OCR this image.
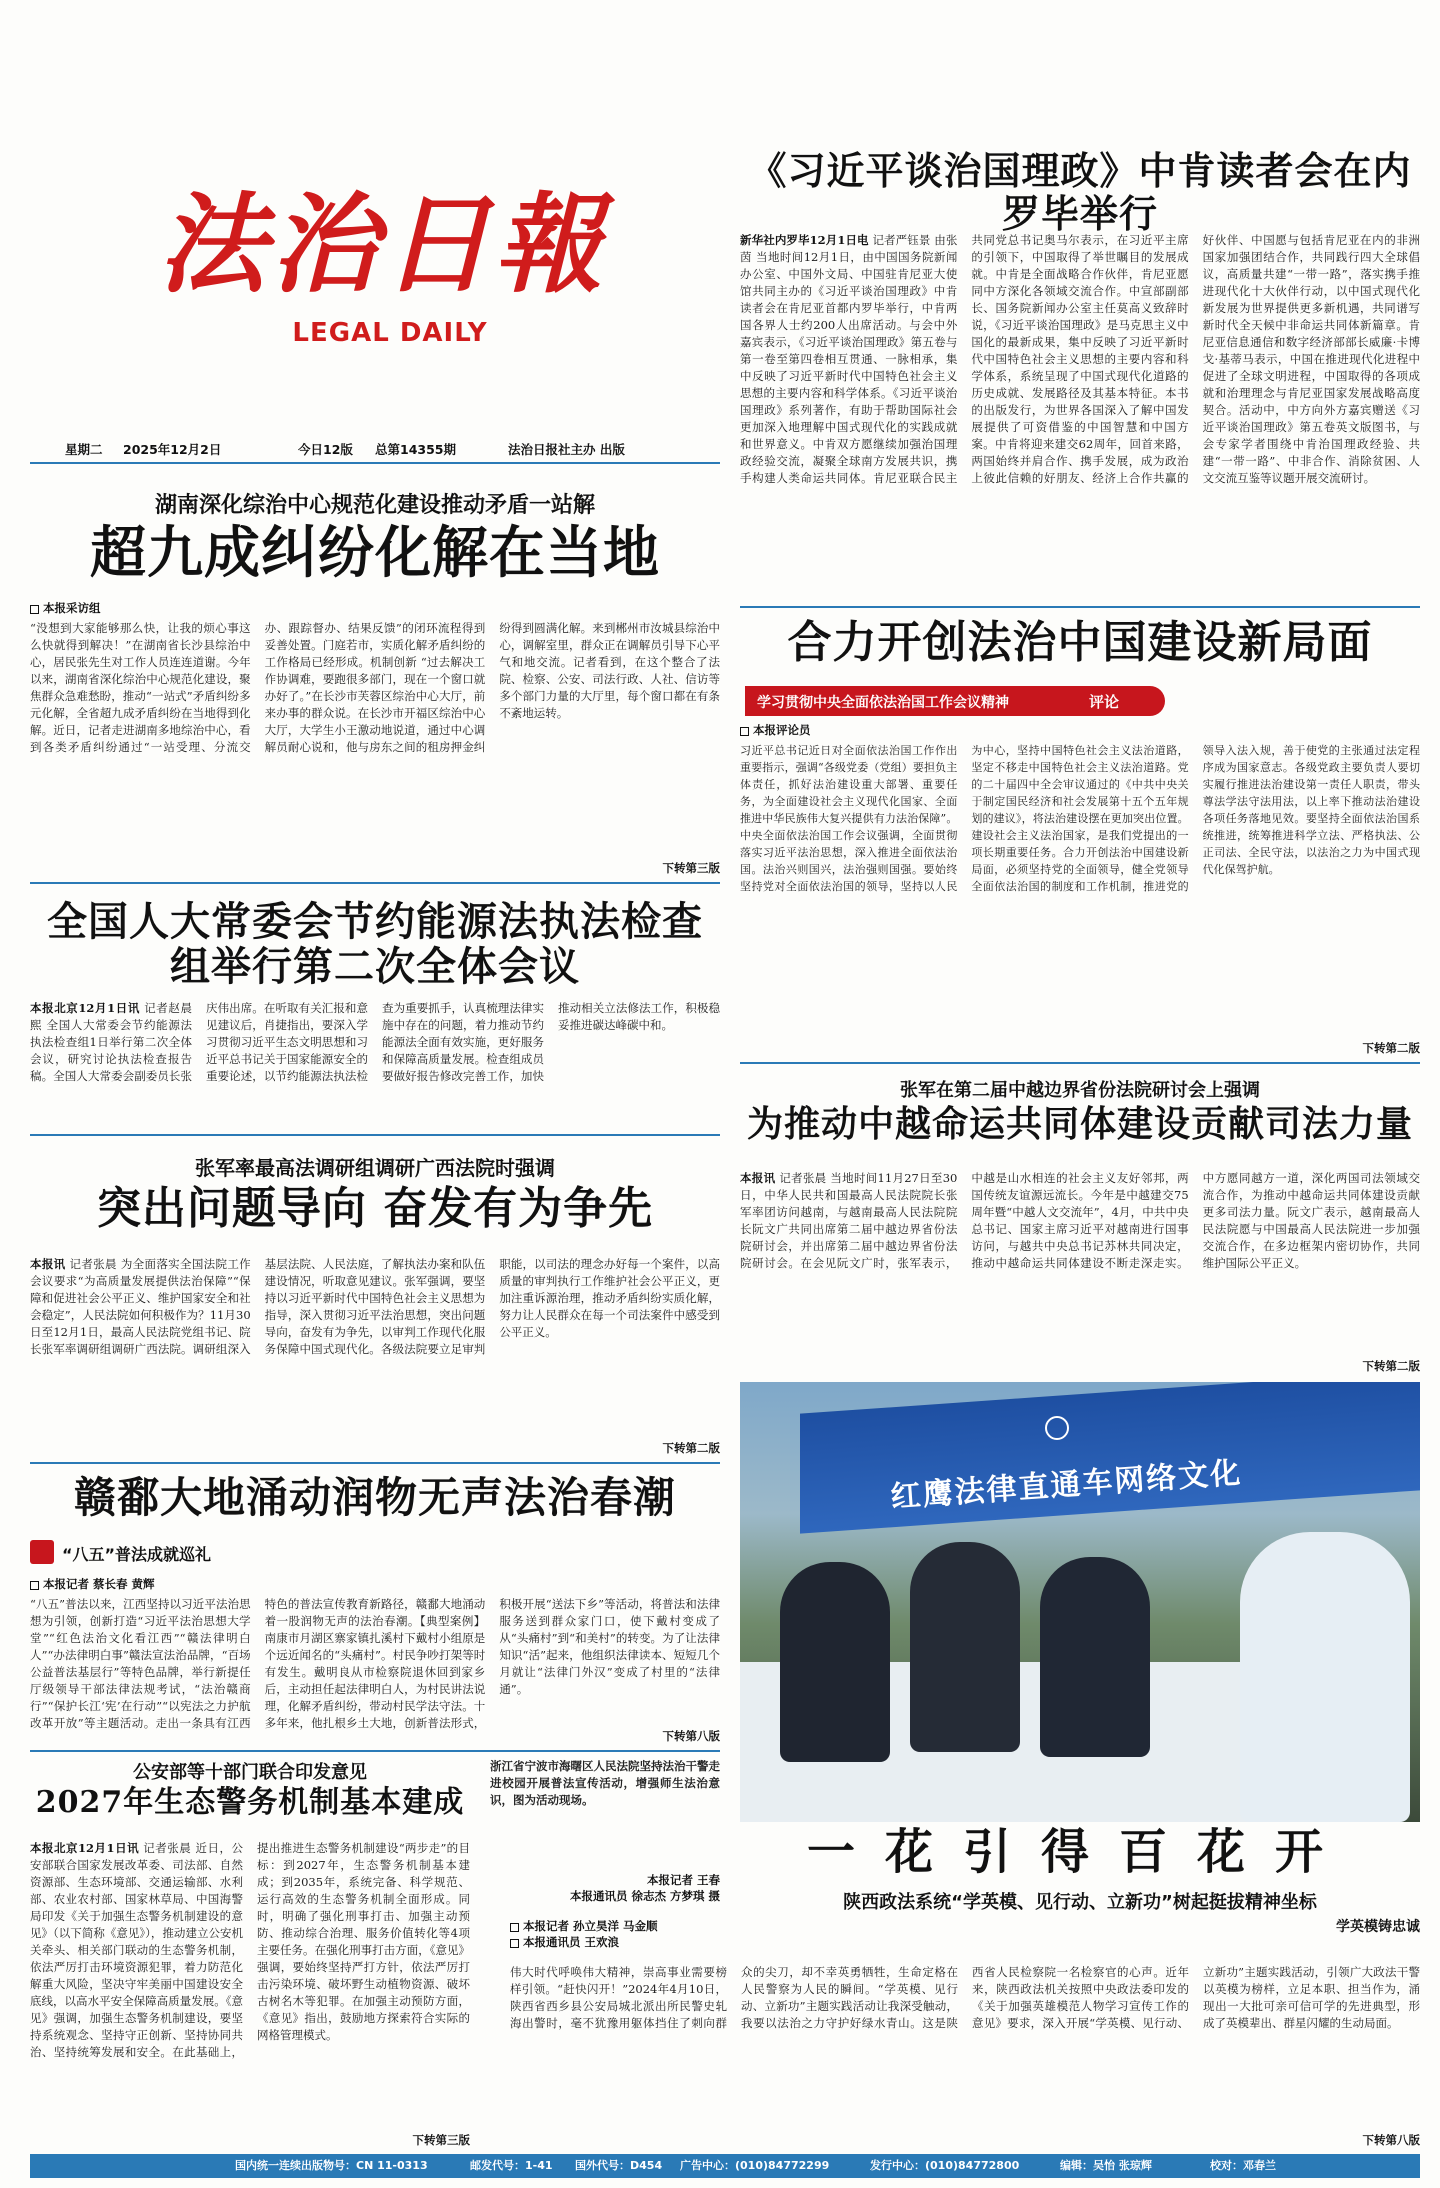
法治日報
LEGAL DAILY
星期二 2025年12月2日	今日12版 总第14355期	法治日报社主办 出版
《习近平谈治国理政》中肯读者会在内罗毕举行
新华社内罗毕12月1日电 记者严钰景 由张茵 当地时间12月1日，由中国国务院新闻办公室、中国外文局、中国驻肯尼亚大使馆共同主办的《习近平谈治国理政》中肯读者会在肯尼亚首都内罗毕举行，中肯两国各界人士约200人出席活动。与会中外嘉宾表示，《习近平谈治国理政》第五卷与第一卷至第四卷相互贯通、一脉相承，集中反映了习近平新时代中国特色社会主义思想的主要内容和科学体系。《习近平谈治国理政》系列著作，有助于帮助国际社会更加深入地理解中国式现代化的实践成就和世界意义。中肯双方愿继续加强治国理政经验交流，凝聚全球南方发展共识，携手构建人类命运共同体。肯尼亚联合民主共同党总书记奥马尔表示，在习近平主席的引领下，中国取得了举世瞩目的发展成就。中肯是全面战略合作伙伴，肯尼亚愿同中方深化各领域交流合作。中宣部副部长、国务院新闻办公室主任莫高义致辞时说，《习近平谈治国理政》是马克思主义中国化的最新成果，集中反映了习近平新时代中国特色社会主义思想的主要内容和科学体系，系统呈现了中国式现代化道路的历史成就、发展路径及其基本特征。本书的出版发行，为世界各国深入了解中国发展提供了可资借鉴的中国智慧和中国方案。中肯将迎来建交62周年，回首来路，两国始终并肩合作、携手发展，成为政治上彼此信赖的好朋友、经济上合作共赢的好伙伴、中国愿与包括肯尼亚在内的非洲国家加强团结合作，共同践行四大全球倡议，高质量共建“一带一路”，落实携手推进现代化十大伙伴行动，以中国式现代化新发展为世界提供更多新机遇，共同谱写新时代全天候中非命运共同体新篇章。肯尼亚信息通信和数字经济部部长威廉·卡博戈·基蒂马表示，中国在推进现代化进程中促进了全球文明进程，中国取得的各项成就和治理理念与肯尼亚国家发展战略高度契合。活动中，中方向外方嘉宾赠送《习近平谈治国理政》第五卷英文版图书，与会专家学者围绕中肯治国理政经验、共建“一带一路”、中非合作、消除贫困、人文交流互鉴等议题开展交流研讨。
湖南深化综治中心规范化建设推动矛盾一站解
超九成纠纷化解在当地
本报采访组
“没想到大家能够那么快，让我的烦心事这么快就得到解决！”在湖南省长沙县综治中心，居民张先生对工作人员连连道谢。今年以来，湖南省深化综治中心规范化建设，聚焦群众急难愁盼，推动“一站式”矛盾纠纷多元化解，全省超九成矛盾纠纷在当地得到化解。近日，记者走进湖南多地综治中心，看到各类矛盾纠纷通过“一站受理、分流交办、跟踪督办、结果反馈”的闭环流程得到妥善处置。门庭若市，实质化解矛盾纠纷的工作格局已经形成。机制创新 “过去解决工作协调难，要跑很多部门，现在一个窗口就办好了。”在长沙市芙蓉区综治中心大厅，前来办事的群众说。在长沙市开福区综治中心大厅，大学生小王激动地说道，通过中心调解员耐心说和，他与房东之间的租房押金纠纷得到圆满化解。来到郴州市汝城县综治中心，调解室里，群众正在调解员引导下心平气和地交流。记者看到，在这个整合了法院、检察、公安、司法行政、人社、信访等多个部门力量的大厅里，每个窗口都在有条不紊地运转。
下转第三版
全国人大常委会节约能源法执法检查组举行第二次全体会议
本报北京12月1日讯 记者赵晨熙 全国人大常委会节约能源法执法检查组1日举行第二次全体会议，研究讨论执法检查报告稿。全国人大常委会副委员长张庆伟出席。在听取有关汇报和意见建议后，肖捷指出，要深入学习贯彻习近平生态文明思想和习近平总书记关于国家能源安全的重要论述，以节约能源法执法检查为重要抓手，认真梳理法律实施中存在的问题，着力推动节约能源法全面有效实施，更好服务和保障高质量发展。检查组成员要做好报告修改完善工作，加快推动相关立法修法工作，积极稳妥推进碳达峰碳中和。
张军率最高法调研组调研广西法院时强调
突出问题导向 奋发有为争先
本报讯 记者张晨 为全面落实全国法院工作会议要求“为高质量发展提供法治保障”“保障和促进社会公平正义、维护国家安全和社会稳定”，人民法院如何积极作为？11月30日至12月1日，最高人民法院党组书记、院长张军率调研组调研广西法院。调研组深入基层法院、人民法庭，了解执法办案和队伍建设情况，听取意见建议。张军强调，要坚持以习近平新时代中国特色社会主义思想为指导，深入贯彻习近平法治思想，突出问题导向，奋发有为争先，以审判工作现代化服务保障中国式现代化。各级法院要立足审判职能，以司法的理念办好每一个案件，以高质量的审判执行工作维护社会公平正义，更加注重诉源治理，推动矛盾纠纷实质化解，努力让人民群众在每一个司法案件中感受到公平正义。
下转第二版
赣鄱大地涌动润物无声法治春潮
“八五”普法成就巡礼
本报记者 蔡长春 黄辉
“八五”普法以来，江西坚持以习近平法治思想为引领，创新打造“习近平法治思想大学堂”“红色法治文化看江西”“赣法律明白人”“办法律明白事”赣法宣法治品牌，“百场公益普法基层行”等特色品牌，举行新提任厅级领导干部法律法规考试，“法治赣商行”“保护长江‘宪’在行动”“以宪法之力护航改革开放”等主题活动。走出一条具有江西特色的普法宣传教育新路径，赣鄱大地涌动着一股润物无声的法治春潮。【典型案例】南康市月湖区寨家镇扎溪村下戴村小组原是个远近闻名的“头痛村”。村民争吵打架等时有发生。戴明良从市检察院退休回到家乡后，主动担任起法律明白人，为村民讲法说理，化解矛盾纠纷，带动村民学法守法。十多年来，他扎根乡土大地，创新普法形式，积极开展“送法下乡”等活动，将普法和法律服务送到群众家门口，使下戴村变成了从“头痛村”到“和美村”的转变。为了让法律知识“活”起来，他组织法律读本、短短几个月就让“法律门外汉”变成了村里的“法律通”。
下转第八版
公安部等十部门联合印发意见
2027年生态警务机制基本建成
本报北京12月1日讯 记者张晨 近日，公安部联合国家发展改革委、司法部、自然资源部、生态环境部、交通运输部、水利部、农业农村部、国家林草局、中国海警局印发《关于加强生态警务机制建设的意见》（以下简称《意见》），推动建立公安机关牵头、相关部门联动的生态警务机制，依法严厉打击环境资源犯罪，着力防范化解重大风险，坚决守牢美丽中国建设安全底线，以高水平安全保障高质量发展。《意见》强调，加强生态警务机制建设，要坚持系统观念、坚持守正创新、坚持协同共治、坚持统筹发展和安全。在此基础上，提出推进生态警务机制建设“两步走”的目标：到2027年，生态警务机制基本建成；到2035年，系统完备、科学规范、运行高效的生态警务机制全面形成。同时，明确了强化刑事打击、加强主动预防、推动综合治理、服务价值转化等4项主要任务。在强化刑事打击方面，《意见》强调，要始终坚持严打方针，依法严厉打击污染环境、破坏野生动植物资源、破坏古树名木等犯罪。在加强主动预防方面，《意见》指出，鼓励地方探索符合实际的网格管理模式。
下转第三版
浙江省宁波市海曙区人民法院坚持法治干警走进校园开展普法宣传活动，增强师生法治意识，图为活动现场。
本报记者 王春
本报通讯员 徐志杰 方梦琪 摄
合力开创法治中国建设新局面
学习贯彻中央全面依法治国工作会议精神	评论
本报评论员
习近平总书记近日对全面依法治国工作作出重要指示，强调“各级党委（党组）要担负主体责任，抓好法治建设重大部署、重要任务，为全面建设社会主义现代化国家、全面推进中华民族伟大复兴提供有力法治保障”。中央全面依法治国工作会议强调，全面贯彻落实习近平法治思想，深入推进全面依法治国。法治兴则国兴，法治强则国强。要始终坚持党对全面依法治国的领导，坚持以人民为中心，坚持中国特色社会主义法治道路，坚定不移走中国特色社会主义法治道路。党的二十届四中全会审议通过的《中共中央关于制定国民经济和社会发展第十五个五年规划的建议》，将法治建设摆在更加突出位置。建设社会主义法治国家，是我们党提出的一项长期重要任务。合力开创法治中国建设新局面，必须坚持党的全面领导，健全党领导全面依法治国的制度和工作机制，推进党的领导入法入规，善于使党的主张通过法定程序成为国家意志。各级党政主要负责人要切实履行推进法治建设第一责任人职责，带头尊法学法守法用法，以上率下推动法治建设各项任务落地见效。要坚持全面依法治国系统推进，统筹推进科学立法、严格执法、公正司法、全民守法，以法治之力为中国式现代化保驾护航。
下转第二版
张军在第二届中越边界省份法院研讨会上强调
为推动中越命运共同体建设贡献司法力量
本报讯 记者张晨 当地时间11月27日至30日，中华人民共和国最高人民法院院长张军率团访问越南，与越南最高人民法院院长阮文广共同出席第二届中越边界省份法院研讨会，并出席第二届中越边界省份法院研讨会。在会见阮文广时，张军表示，中越是山水相连的社会主义友好邻邦，两国传统友谊源远流长。今年是中越建交75周年暨“中越人文交流年”，4月，中共中央总书记、国家主席习近平对越南进行国事访问，与越共中央总书记苏林共同决定，推动中越命运共同体建设不断走深走实。中方愿同越方一道，深化两国司法领域交流合作，为推动中越命运共同体建设贡献更多司法力量。阮文广表示，越南最高人民法院愿与中国最高人民法院进一步加强交流合作，在多边框架内密切协作，共同维护国际公平正义。
下转第二版
红鹰法律直通车网络文化
一花引得百花开
陕西政法系统“学英模、见行动、立新功”树起挺拔精神坐标
本报记者 孙立昊洋 马金顺
本报通讯员 王欢浪
伟大时代呼唤伟大精神，崇高事业需要榜样引领。“赶快闪开！”2024年4月10日，陕西省西乡县公安局城北派出所民警史轧海出警时，毫不犹豫用躯体挡住了刺向群众的尖刀，却不幸英勇牺牲，生命定格在人民警察为人民的瞬间。“学英模、见行动、立新功”主题实践活动让我深受触动，我要以法治之力守护好绿水青山。这是陕西省人民检察院一名检察官的心声。近年来，陕西政法机关按照中央政法委印发的《关于加强英雄模范人物学习宣传工作的意见》要求，深入开展“学英模、见行动、立新功”主题实践活动，引领广大政法干警以英模为榜样，立足本职、担当作为，涌现出一大批可亲可信可学的先进典型，形成了英模辈出、群星闪耀的生动局面。
学英模铸忠诚
下转第八版
国内统一连续出版物号：CN 11-0313	邮发代号：1-41 国外代号：D454 广告中心：(010)84772299	发行中心：(010)84772800	编辑：吴怡 张琼辉	校对：邓春兰
